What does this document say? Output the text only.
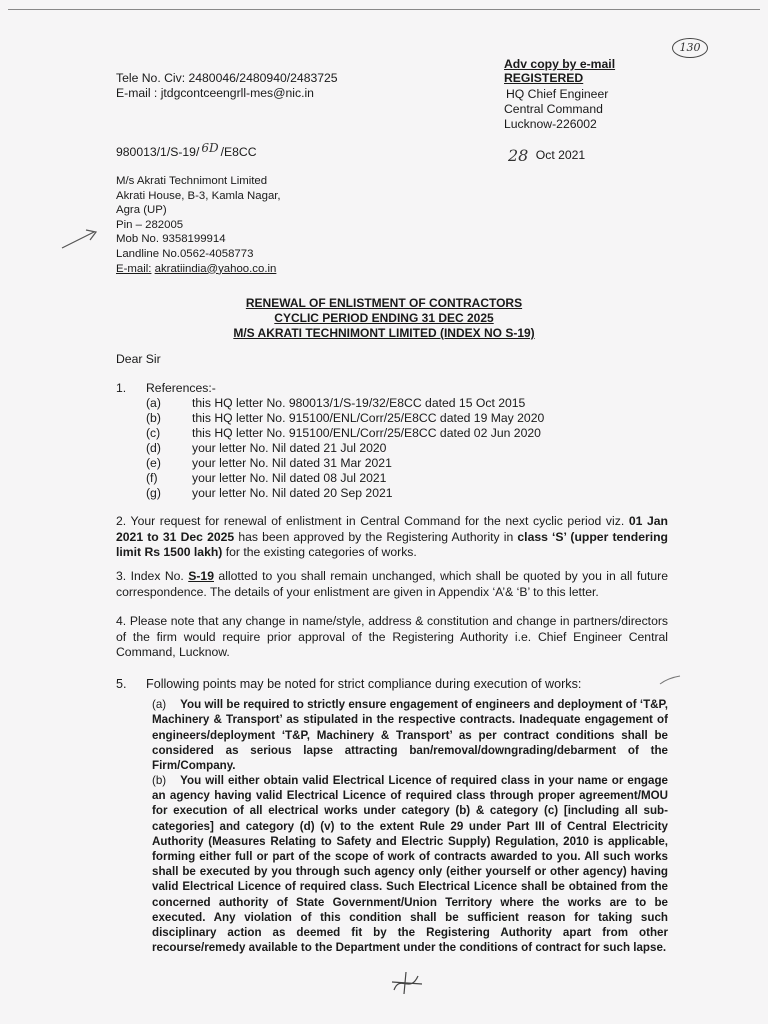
130
Tele No. Civ: 2480046/2480940/2483725
E-mail : jtdgcontceengrll-mes@nic.in
Adv copy by e-mail
REGISTERED
HQ Chief Engineer
Central Command
Lucknow-226002
980013/1/S-19/ 6D /E8CC	28 Oct 2021
M/s Akrati Technimont Limited
Akrati House, B-3, Kamla Nagar,
Agra (UP)
Pin – 282005
Mob No. 9358199914
Landline No.0562-4058773
E-mail: akratiindia@yahoo.co.in
RENEWAL OF ENLISTMENT OF CONTRACTORS
CYCLIC PERIOD ENDING 31 DEC 2025
M/S AKRATI TECHNIMONT LIMITED (INDEX NO S-19)
Dear Sir
1. References:-
(a)	this HQ letter No. 980013/1/S-19/32/E8CC dated 15 Oct 2015
(b)	this HQ letter No. 915100/ENL/Corr/25/E8CC dated 19 May 2020
(c)	this HQ letter No. 915100/ENL/Corr/25/E8CC dated 02 Jun 2020
(d)	your letter No. Nil dated 21 Jul 2020
(e)	your letter No. Nil dated 31 Mar 2021
(f)	your letter No. Nil dated 08 Jul 2021
(g)	your letter No. Nil dated 20 Sep 2021
2. Your request for renewal of enlistment in Central Command for the next cyclic period viz. 01 Jan 2021 to 31 Dec 2025 has been approved by the Registering Authority in class ‘S’ (upper tendering limit Rs 1500 lakh) for the existing categories of works.
3. Index No. S-19 allotted to you shall remain unchanged, which shall be quoted by you in all future correspondence. The details of your enlistment are given in Appendix ‘A’& ‘B’ to this letter.
4. Please note that any change in name/style, address & constitution and change in partners/directors of the firm would require prior approval of the Registering Authority i.e. Chief Engineer Central Command, Lucknow.
5. Following points may be noted for strict compliance during execution of works:
(a) You will be required to strictly ensure engagement of engineers and deployment of ‘T&P, Machinery & Transport’ as stipulated in the respective contracts. Inadequate engagement of engineers/deployment ‘T&P, Machinery & Transport’ as per contract conditions shall be considered as serious lapse attracting ban/removal/downgrading/debarment of the Firm/Company.
(b) You will either obtain valid Electrical Licence of required class in your name or engage an agency having valid Electrical Licence of required class through proper agreement/MOU for execution of all electrical works under category (b) & category (c) [including all sub-categories] and category (d) (v) to the extent Rule 29 under Part III of Central Electricity Authority (Measures Relating to Safety and Electric Supply) Regulation, 2010 is applicable, forming either full or part of the scope of work of contracts awarded to you. All such works shall be executed by you through such agency only (either yourself or other agency) having valid Electrical Licence of required class. Such Electrical Licence shall be obtained from the concerned authority of State Government/Union Territory where the works are to be executed. Any violation of this condition shall be sufficient reason for taking such disciplinary action as deemed fit by the Registering Authority apart from other recourse/remedy available to the Department under the conditions of contract for such lapse.
